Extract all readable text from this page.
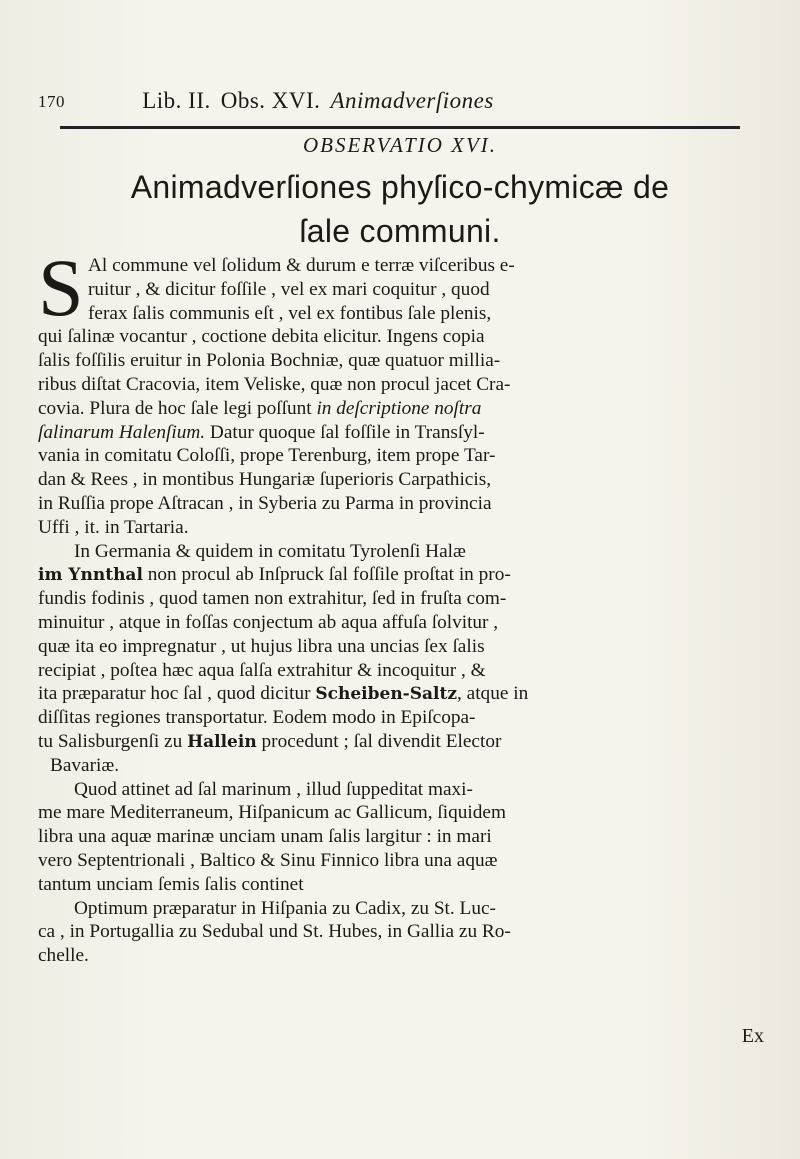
170	Lib. II. Obs. XVI. Animadverſiones
OBSERVATIO XVI.
Animadverſiones phyſico-chymicæ de
ſale communi.
S Al commune vel ſolidum & durum e terræ viſceribus e-
ruitur , & dicitur foſſile , vel ex mari coquitur , quod
ferax ſalis communis eſt , vel ex fontibus ſale plenis,
qui ſalinæ vocantur , coctione debita elicitur. Ingens copia
ſalis foſſilis eruitur in Polonia Bochniæ, quæ quatuor millia-
ribus diſtat Cracovia, item Veliske, quæ non procul jacet Cra-
covia. Plura de hoc ſale legi poſſunt in deſcriptione noſtra
ſalinarum Halenſium. Datur quoque ſal foſſile in Transſyl-
vania in comitatu Coloſſi, prope Terenburg, item prope Tar-
dan & Rees , in montibus Hungariæ ſuperioris Carpathicis,
in Ruſſia prope Aſtracan , in Syberia zu Parma in provincia
Uffi , it. in Tartaria.
In Germania & quidem in comitatu Tyrolenſi Halæ
im Ynnthal non procul ab Inſpruck ſal foſſile proſtat in pro-
fundis fodinis , quod tamen non extrahitur, ſed in fruſta com-
minuitur , atque in foſſas conjectum ab aqua affuſa ſolvitur ,
quæ ita eo impregnatur , ut hujus libra una uncias ſex ſalis
recipiat , poſtea hæc aqua ſalſa extrahitur & incoquitur , &
ita præparatur hoc ſal , quod dicitur Scheiben-Saltz, atque in
diſſitas regiones transportatur. Eodem modo in Epiſcopa-
tu Salisburgenſi zu Hallein procedunt ; ſal divendit Elector
Bavariæ.
Quod attinet ad ſal marinum , illud ſuppeditat maxi-
me mare Mediterraneum, Hiſpanicum ac Gallicum, ſiquidem
libra una aquæ marinæ unciam unam ſalis largitur : in mari
vero Septentrionali , Baltico & Sinu Finnico libra una aquæ
tantum unciam ſemis ſalis continet
Optimum præparatur in Hiſpania zu Cadix, zu St. Luc-
ca , in Portugallia zu Sedubal und St. Hubes, in Gallia zu Ro-
chelle.
Ex
